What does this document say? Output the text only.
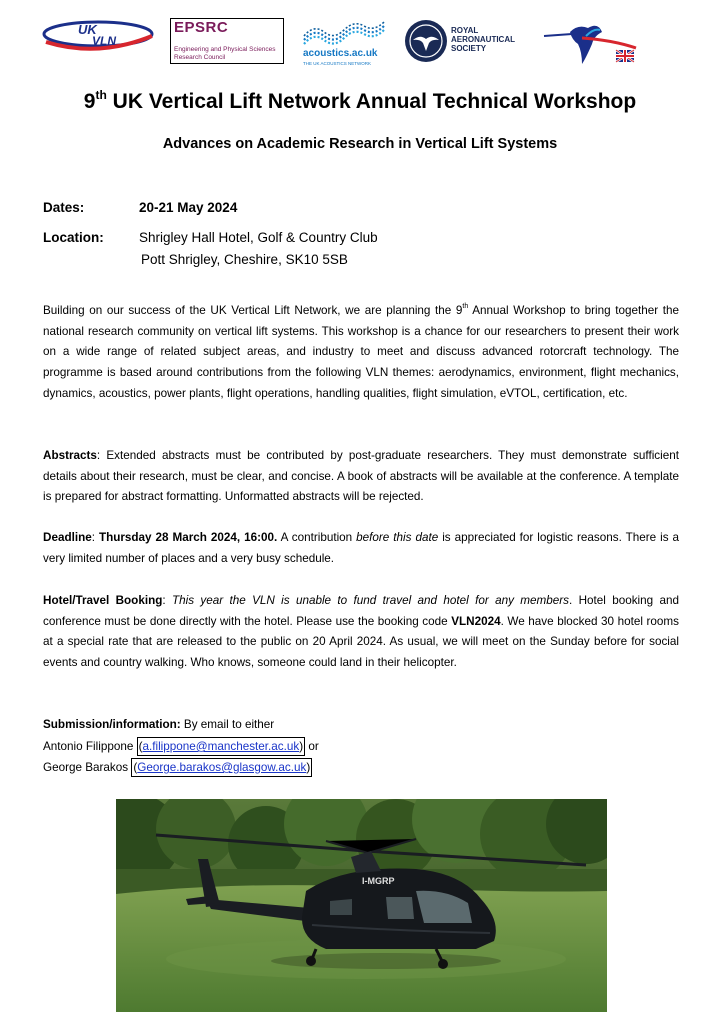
UK
VLN
EPSRC
Engineering and Physical Sciences Research Council	acoustics.ac.uk
THE UK ACOUSTICS NETWORK
ROYAL
AERONAUTICAL
SOCIETY
9th UK Vertical Lift Network Annual Technical Workshop
Advances on Academic Research in Vertical Lift Systems
Dates:	20-21 May 2024
Location:	Shrigley Hall Hotel, Golf & Country Club
Pott Shrigley, Cheshire, SK10 5SB
Building on our success of the UK Vertical Lift Network, we are planning the 9th Annual Workshop to bring together the national research community on vertical lift systems. This workshop is a chance for our researchers to present their work on a wide range of related subject areas, and industry to meet and discuss advanced rotorcraft technology. The programme is based around contributions from the following VLN themes: aerodynamics, environment, flight mechanics, dynamics, acoustics, power plants, flight operations, handling qualities, flight simulation, eVTOL, certification, etc.
Abstracts: Extended abstracts must be contributed by post-graduate researchers. They must demonstrate sufficient details about their research, must be clear, and concise. A book of abstracts will be available at the conference. A template is prepared for abstract formatting. Unformatted abstracts will be rejected.
Deadline: Thursday 28 March 2024, 16:00. A contribution before this date is appreciated for logistic reasons. There is a very limited number of places and a very busy schedule.
Hotel/Travel Booking: This year the VLN is unable to fund travel and hotel for any members. Hotel booking and conference must be done directly with the hotel. Please use the booking code VLN2024. We have blocked 30 hotel rooms at a special rate that are released to the public on 20 April 2024. As usual, we will meet on the Sunday before for social events and country walking. Who knows, someone could land in their helicopter.
Submission/information: By email to either
Antonio Filippone (a.filippone@manchester.ac.uk) or
George Barakos (George.barakos@glasgow.ac.uk)
I-MGRP
